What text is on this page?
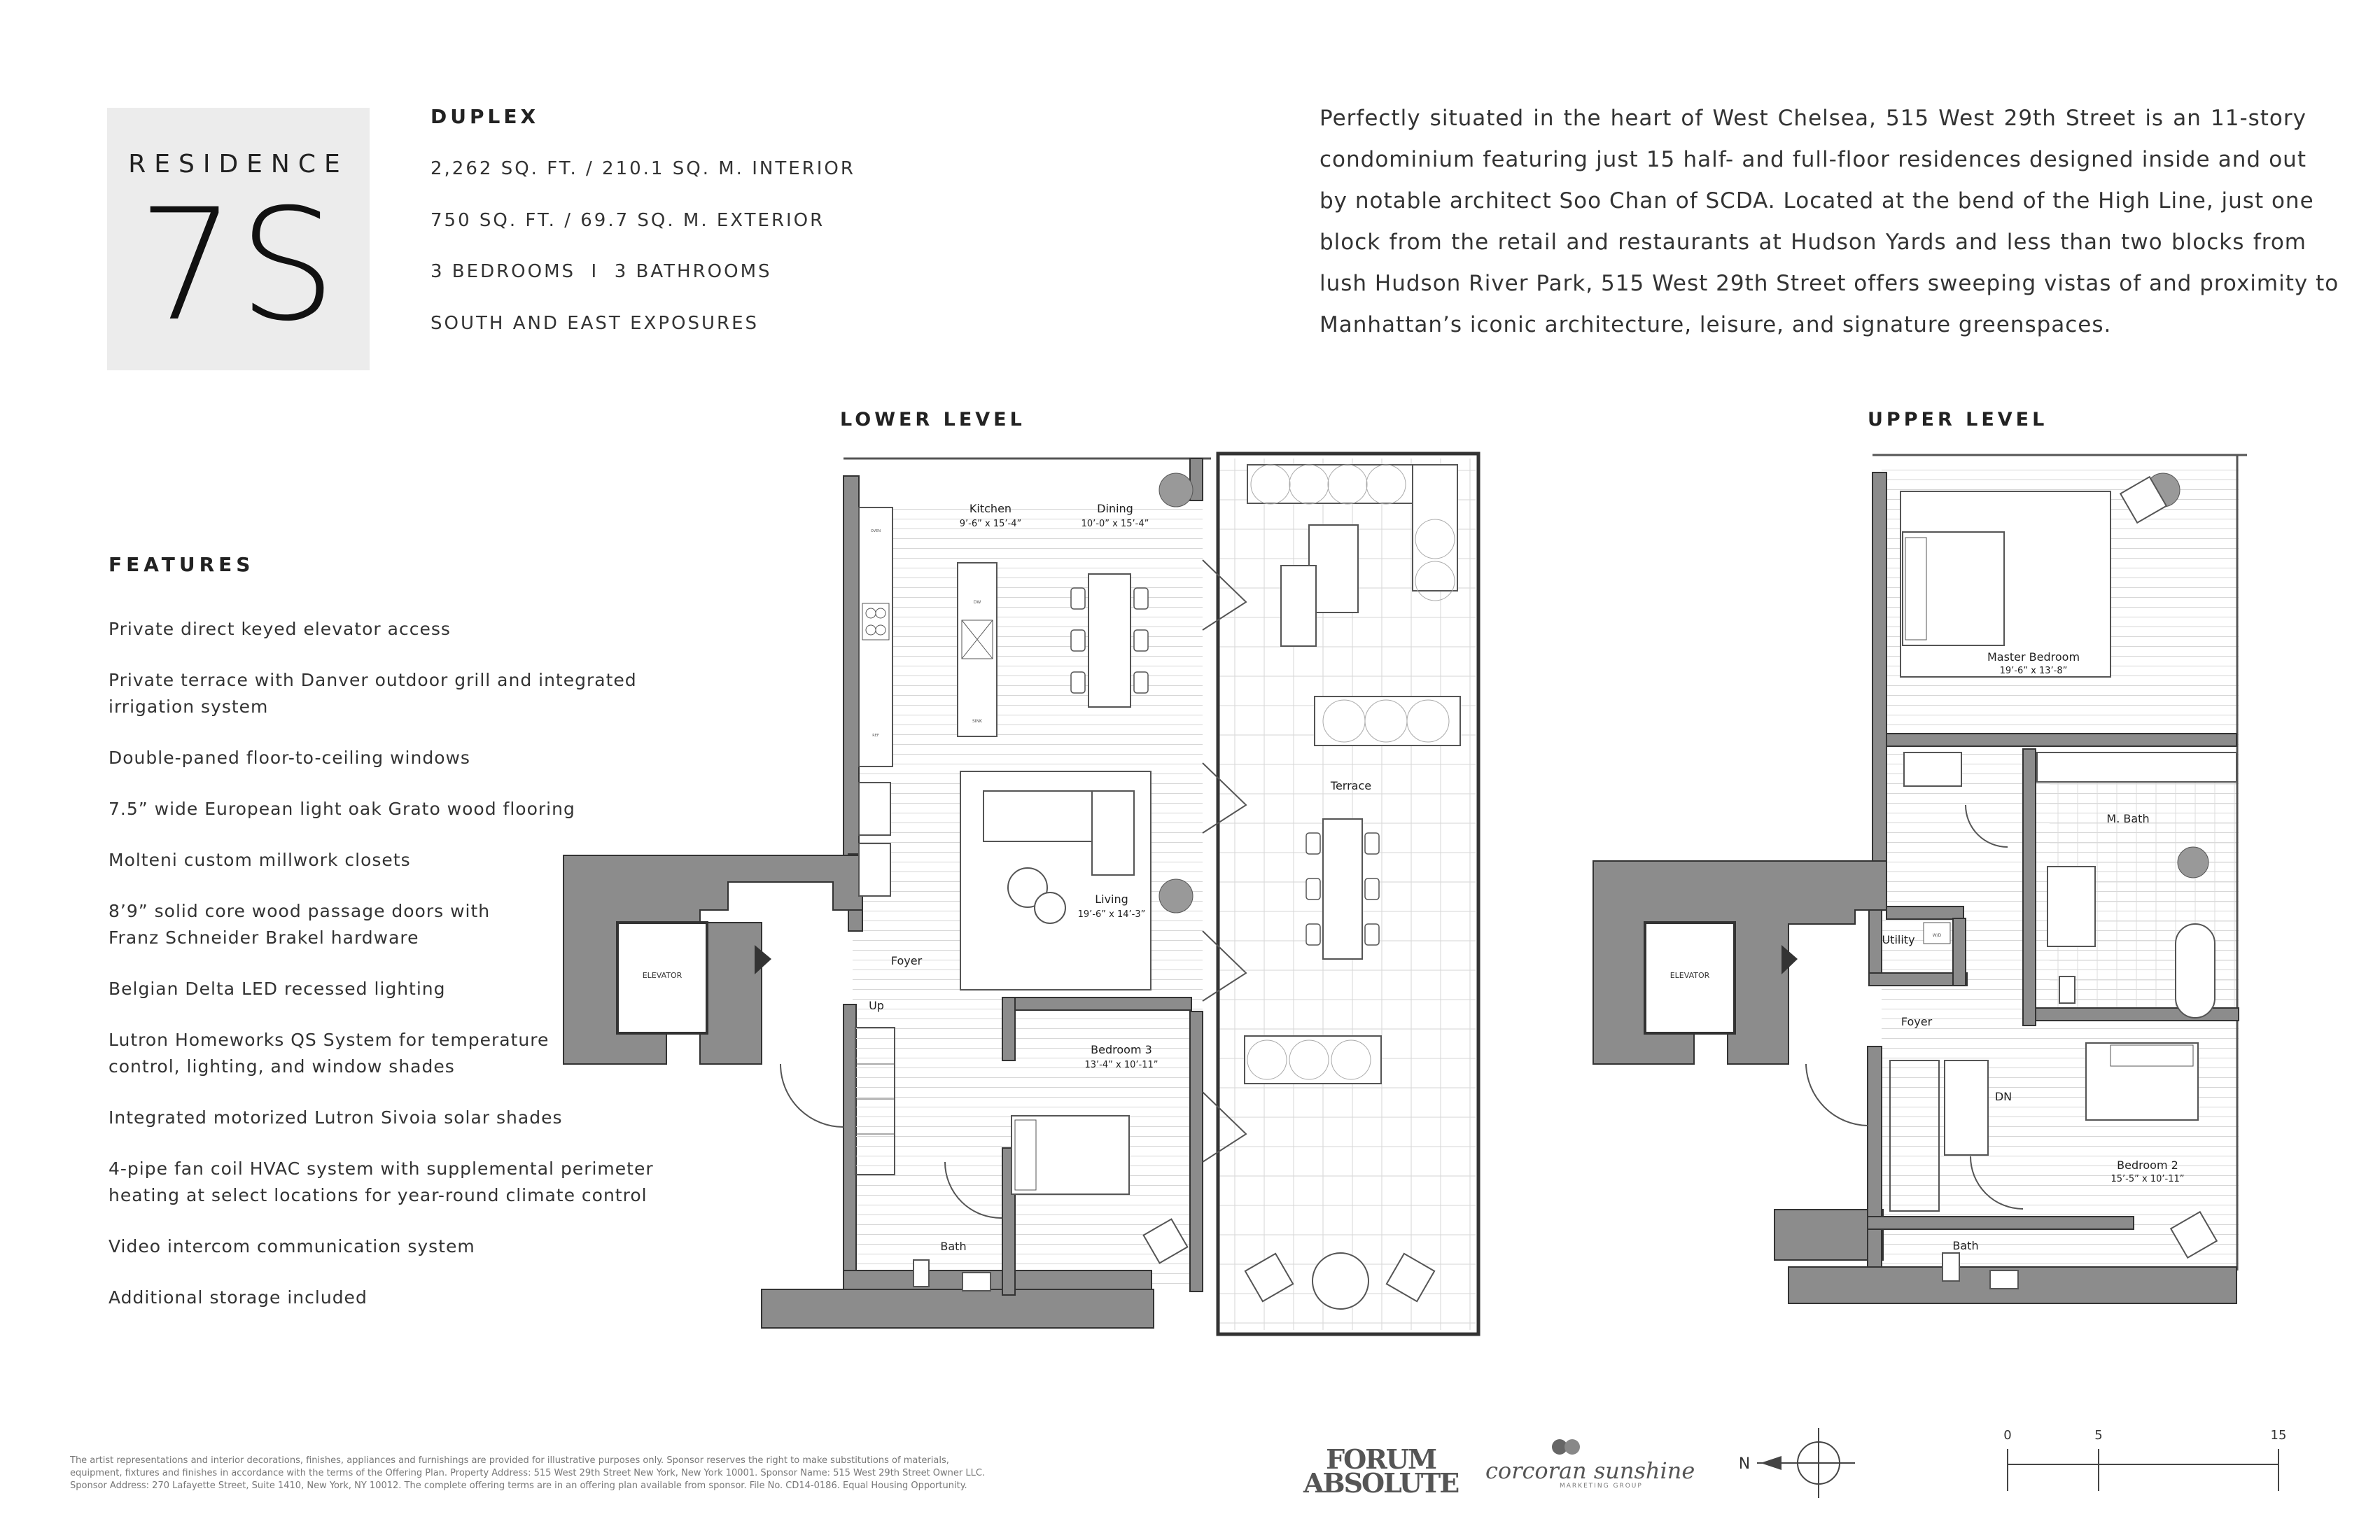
RESIDENCE
7S
DUPLEX
2,262 SQ. FT. / 210.1 SQ. M. INTERIOR
750 SQ. FT. / 69.7 SQ. M. EXTERIOR
3 BEDROOMS  I  3 BATHROOMS
SOUTH AND EAST EXPOSURES
Perfectly situated in the heart of West Chelsea, 515 West 29th Street is an 11-story
condominium featuring just 15 half- and full-floor residences designed inside and out
by notable architect Soo Chan of SCDA. Located at the bend of the High Line, just one
block from the retail and restaurants at Hudson Yards and less than two blocks from
lush Hudson River Park, 515 West 29th Street offers sweeping vistas of and proximity to
Manhattan’s iconic architecture, leisure, and signature greenspaces.
LOWER LEVEL	UPPER LEVEL
FEATURES
Private direct keyed elevator access
Private terrace with Danver outdoor grill and integrated
irrigation system
Double-paned floor-to-ceiling windows
7.5” wide European light oak Grato wood flooring
Molteni custom millwork closets
8’9” solid core wood passage doors with
Franz Schneider Brakel hardware
Belgian Delta LED recessed lighting
Lutron Homeworks QS System for temperature
control, lighting, and window shades
Integrated motorized Lutron Sivoia solar shades
4-pipe fan coil HVAC system with supplemental perimeter
heating at select locations for year-round climate control
Video intercom communication system
Additional storage included
ELEVATOR
OVEN
REF
DW
SINK
Kitchen
9’-6” x 15’-4”
Dining
10’-0” x 15’-4”
Terrace
Living
19’-6” x 14’-3”
Foyer
Up
Bedroom 3
13’-4” x 10’-11”
Bath
ELEVATOR
W/D
Master Bedroom
19’-6” x 13’-8”
M. Bath
Utility
Foyer
DN
Bedroom 2
15’-5” x 10’-11”
Bath
N
0	5	15
The artist representations and interior decorations, finishes, appliances and furnishings are provided for illustrative purposes only. Sponsor reserves the right to make substitutions of materials,
equipment, fixtures and finishes in accordance with the terms of the Offering Plan. Property Address: 515 West 29th Street New York, New York 10001. Sponsor Name: 515 West 29th Street Owner LLC.
Sponsor Address: 270 Lafayette Street, Suite 1410, New York, NY 10012. The complete offering terms are in an offering plan available from sponsor. File No. CD14-0186. Equal Housing Opportunity.
FORUM
ABSOLUTE corcoran sunshine
MARKETING GROUP
